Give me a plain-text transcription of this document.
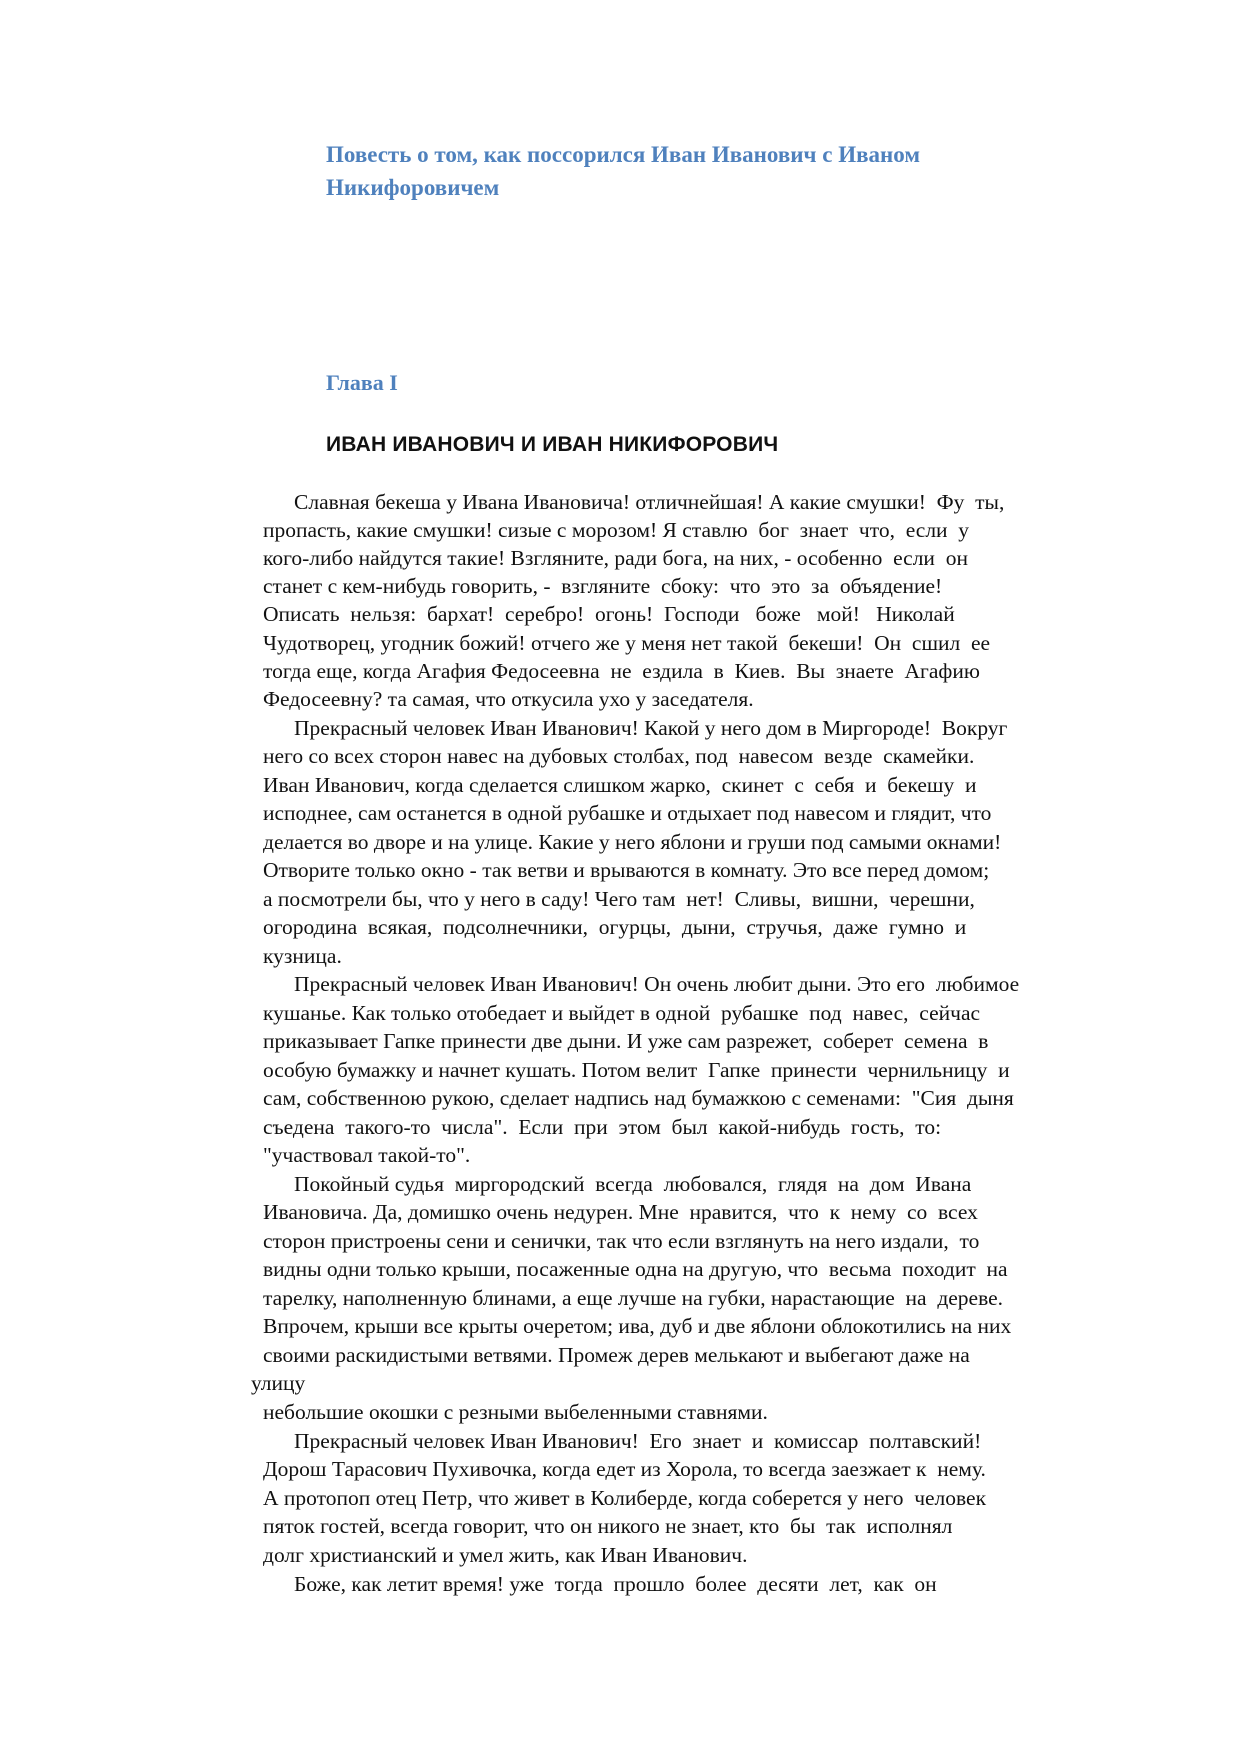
Повесть о том, как поссорился Иван Иванович с Иваном Никифоровичем
Глава I
ИВАН ИВАНОВИЧ И ИВАН НИКИФОРОВИЧ

Славная бекеша у Ивана Ивановича! отличнейшая! А какие смушки!  Фу  ты,

пропасть, какие смушки! сизые с морозом! Я ставлю  бог  знает  что,  если  у

кого-либо найдутся такие! Взгляните, ради бога, на них, - особенно  если  он

станет с кем-нибудь говорить, -  взгляните  сбоку:  что  это  за  объядение!

Описать  нельзя:  бархат!  серебро!  огонь!  Господи   боже   мой!   Николай

Чудотворец, угодник божий! отчего же у меня нет такой  бекеши!  Он  сшил  ее

тогда еще, когда Агафия Федосеевна  не  ездила  в  Киев.  Вы  знаете  Агафию

Федосеевну? та самая, что откусила ухо у заседателя.

Прекрасный человек Иван Иванович! Какой у него дом в Миргороде!  Вокруг

него со всех сторон навес на дубовых столбах, под  навесом  везде  скамейки.

Иван Иванович, когда сделается слишком жарко,  скинет  с  себя  и  бекешу  и

исподнее, сам останется в одной рубашке и отдыхает под навесом и глядит, что

делается во дворе и на улице. Какие у него яблони и груши под самыми окнами!

Отворите только окно - так ветви и врываются в комнату. Это все перед домом;

а посмотрели бы, что у него в саду! Чего там  нет!  Сливы,  вишни,  черешни,

огородина  всякая,  подсолнечники,  огурцы,  дыни,  стручья,  даже  гумно  и

кузница.

Прекрасный человек Иван Иванович! Он очень любит дыни. Это его  любимое

кушанье. Как только отобедает и выйдет в одной  рубашке  под  навес,  сейчас

приказывает Гапке принести две дыни. И уже сам разрежет,  соберет  семена  в

особую бумажку и начнет кушать. Потом велит  Гапке  принести  чернильницу  и

сам, собственною рукою, сделает надпись над бумажкою с семенами:  "Сия  дыня

съедена  такого-то  числа".  Если  при  этом  был  какой-нибудь  гость,  то:

"участвовал такой-то".

Покойный судья  миргородский  всегда  любовался,  глядя  на  дом  Ивана

Ивановича. Да, домишко очень недурен. Мне  нравится,  что  к  нему  со  всех

сторон пристроены сени и сенички, так что если взглянуть на него издали,  то

видны одни только крыши, посаженные одна на другую, что  весьма  походит  на

тарелку, наполненную блинами, а еще лучше на губки, нарастающие  на  дереве.

Впрочем, крыши все крыты очеретом; ива, дуб и две яблони облокотились на них

своими раскидистыми ветвями. Промеж дерев мелькают и выбегают даже на

улицу

небольшие окошки с резными выбеленными ставнями.

Прекрасный человек Иван Иванович!  Его  знает  и  комиссар  полтавский!

Дорош Тарасович Пухивочка, когда едет из Хорола, то всегда заезжает к  нему.

А протопоп отец Петр, что живет в Колиберде, когда соберется у него  человек

пяток гостей, всегда говорит, что он никого не знает, кто  бы  так  исполнял

долг христианский и умел жить, как Иван Иванович.

Боже, как летит время! уже  тогда  прошло  более  десяти  лет,  как  он
